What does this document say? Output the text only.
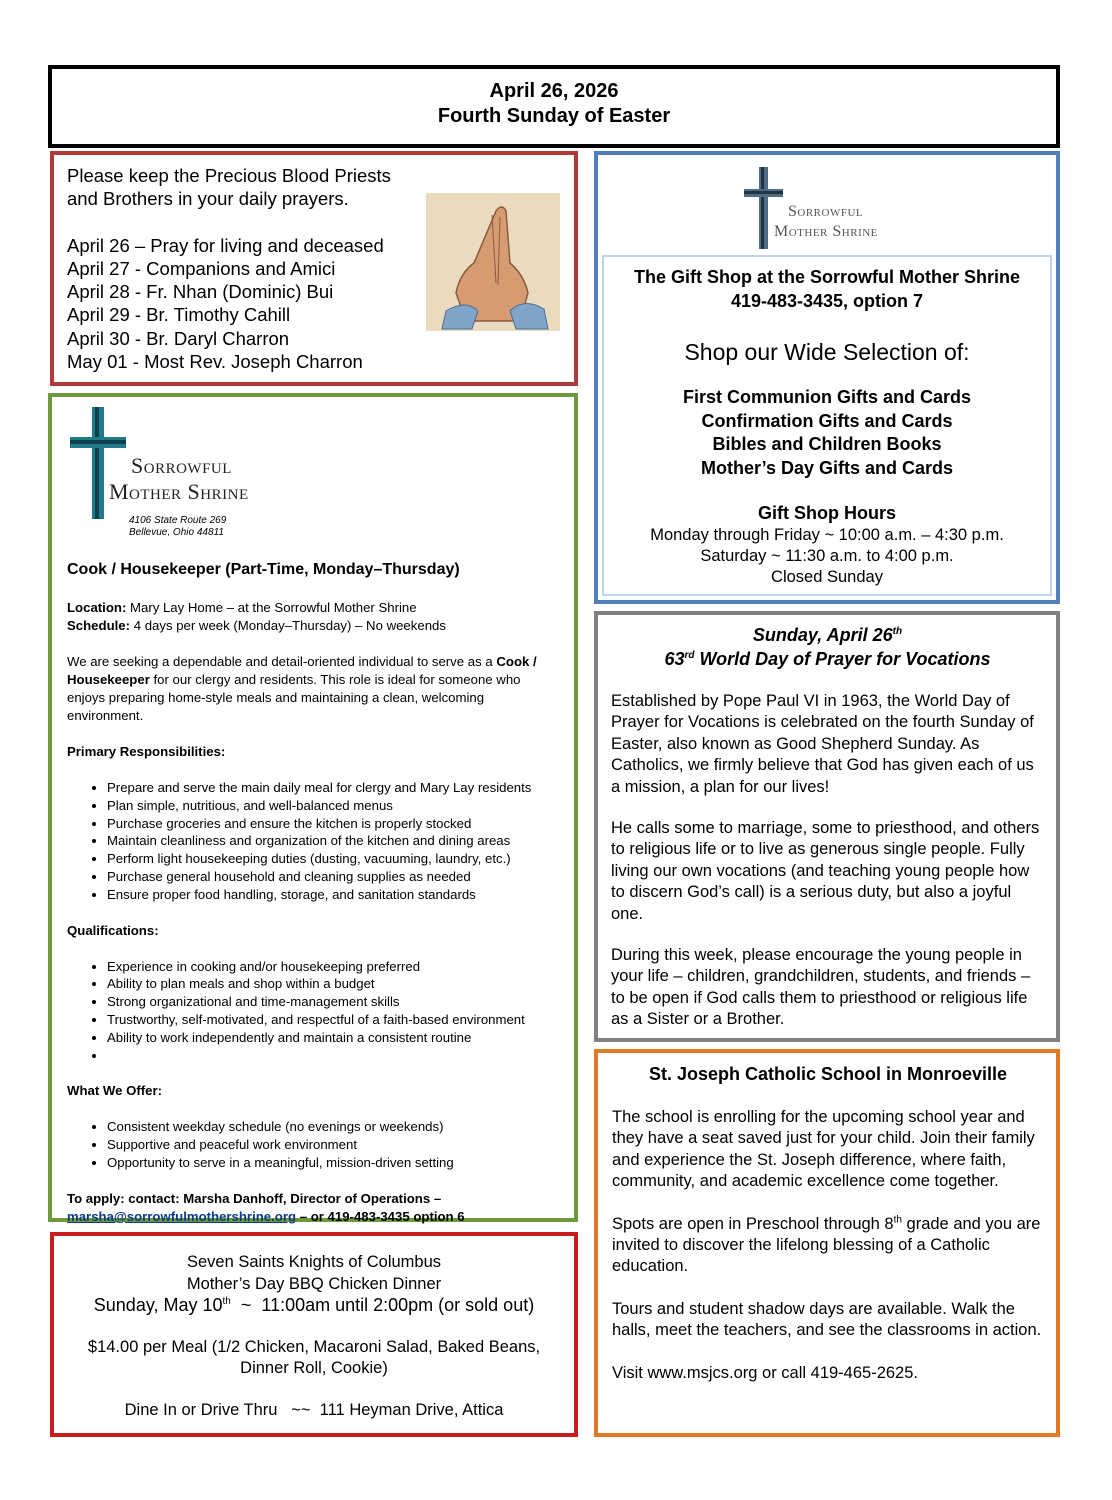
April 26, 2026

Fourth Sunday of Easter

Please keep the Precious Blood Priests

and Brothers in your daily prayers.

April 26 – Pray for living and deceased

April 27 - Companions and Amici

April 28 - Fr. Nhan (Dominic) Bui

April 29 - Br. Timothy Cahill

April 30 - Br. Daryl Charron

May 01 - Most Rev. Joseph Charron

Sorrowful
Mother Shrine
4106 State Route 269
Bellevue, Ohio 44811
Cook / Housekeeper (Part-Time, Monday–Thursday)
Location: Mary Lay Home – at the Sorrowful Mother Shrine
Schedule: 4 days per week (Monday–Thursday) – No weekends
We are seeking a dependable and detail-oriented individual to serve as a Cook / Housekeeper for our clergy and residents. This role is ideal for someone who enjoys preparing home-style meals and maintaining a clean, welcoming environment.
Primary Responsibilities:
• Prepare and serve the main daily meal for clergy and Mary Lay residents
• Plan simple, nutritious, and well-balanced menus
• Purchase groceries and ensure the kitchen is properly stocked
• Maintain cleanliness and organization of the kitchen and dining areas
• Perform light housekeeping duties (dusting, vacuuming, laundry, etc.)
• Purchase general household and cleaning supplies as needed
• Ensure proper food handling, storage, and sanitation standards
Qualifications:
• Experience in cooking and/or housekeeping preferred
• Ability to plan meals and shop within a budget
• Strong organizational and time-management skills
• Trustworthy, self-motivated, and respectful of a faith-based environment
• Ability to work independently and maintain a consistent routine
•
What We Offer:
• Consistent weekday schedule (no evenings or weekends)
• Supportive and peaceful work environment
• Opportunity to serve in a meaningful, mission-driven setting
To apply: contact: Marsha Danhoff, Director of Operations –
marsha@sorrowfulmothershrine.org – or 419-483-3435 option 6

Seven Saints Knights of Columbus

Mother’s Day BBQ Chicken Dinner

Sunday, May 10th  ~  11:00am until 2:00pm (or sold out)

$14.00 per Meal (1/2 Chicken, Macaroni Salad, Baked Beans, Dinner Roll, Cookie)

Dine In or Drive Thru   ~~  111 Heyman Drive, Attica

Sorrowful
Mother Shrine
The Gift Shop at the Sorrowful Mother Shrine
419-483-3435, option 7
Shop our Wide Selection of:
First Communion Gifts and Cards
Confirmation Gifts and Cards
Bibles and Children Books
Mother’s Day Gifts and Cards
Gift Shop Hours
Monday through Friday ~ 10:00 a.m. – 4:30 p.m.
Saturday ~ 11:30 a.m. to 4:00 p.m.
Closed Sunday
Sunday, April 26th
63rd World Day of Prayer for Vocations

Established by Pope Paul VI in 1963, the World Day of Prayer for Vocations is celebrated on the fourth Sunday of Easter, also known as Good Shepherd Sunday. As Catholics, we firmly believe that God has given each of us a mission, a plan for our lives!

He calls some to marriage, some to priesthood, and others to religious life or to live as generous single people. Fully living our own vocations (and teaching young people how to discern God’s call) is a serious duty, but also a joyful one.

During this week, please encourage the young people in your life – children, grandchildren, students, and friends – to be open if God calls them to priesthood or religious life as a Sister or a Brother.

St. Joseph Catholic School in Monroeville

The school is enrolling for the upcoming school year and they have a seat saved just for your child. Join their family and experience the St. Joseph difference, where faith, community, and academic excellence come together.

Spots are open in Preschool through 8th grade and you are invited to discover the lifelong blessing of a Catholic education.

Tours and student shadow days are available. Walk the halls, meet the teachers, and see the classrooms in action.

Visit www.msjcs.org or call 419-465-2625.
